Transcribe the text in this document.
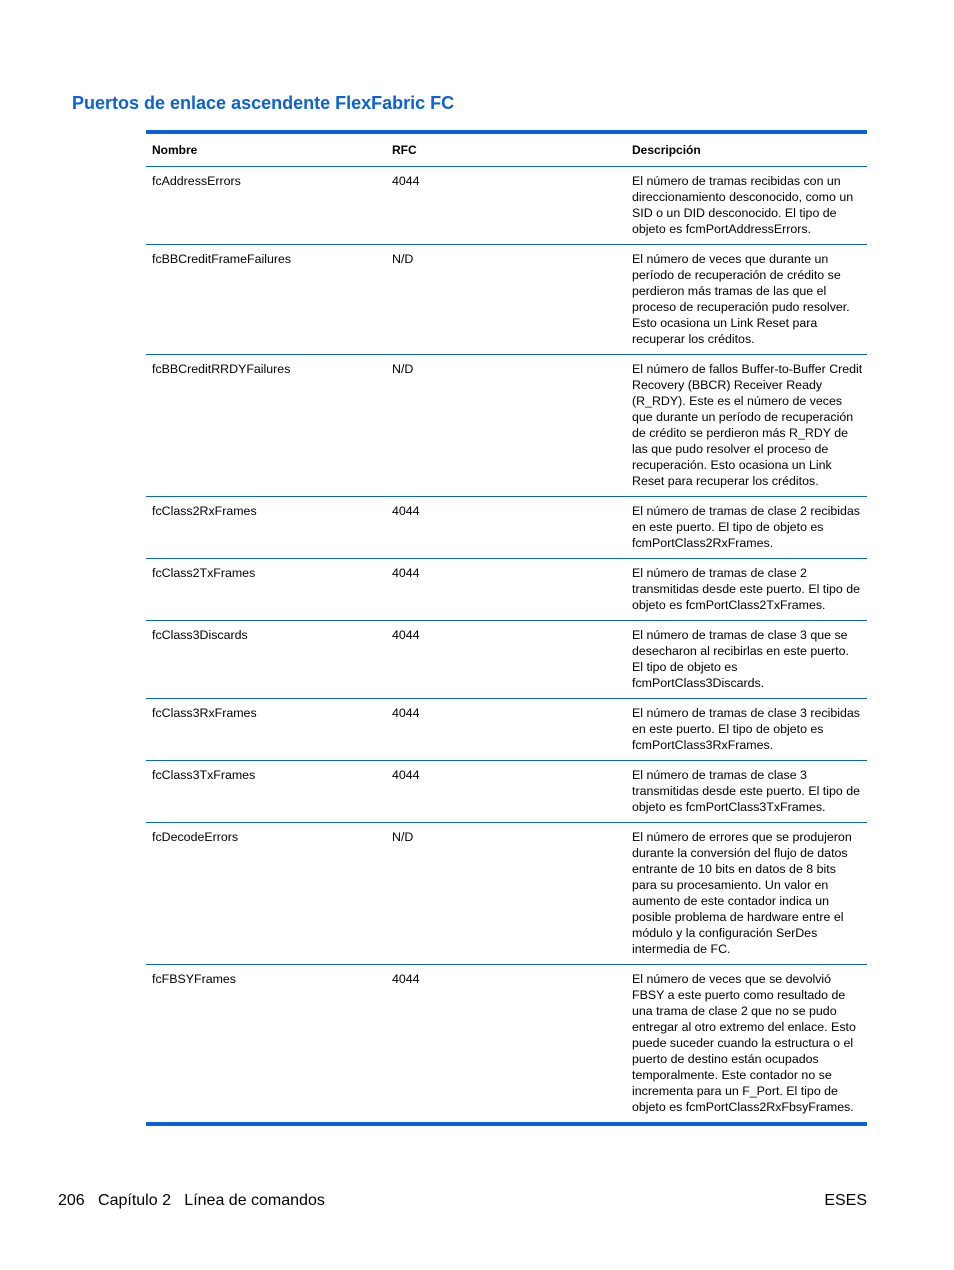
Puertos de enlace ascendente FlexFabric FC
Nombre	RFC	Descripción
fcAddressErrors	4044	El número de tramas recibidas con un direccionamiento desconocido, como un SID o un DID desconocido. El tipo de objeto es fcmPortAddressErrors.
fcBBCreditFrameFailures	N/D	El número de veces que durante un período de recuperación de crédito se perdieron más tramas de las que el proceso de recuperación pudo resolver. Esto ocasiona un Link Reset para recuperar los créditos.
fcBBCreditRRDYFailures	N/D	El número de fallos Buffer-to-Buffer Credit Recovery (BBCR) Receiver Ready (R_RDY). Este es el número de veces que durante un período de recuperación de crédito se perdieron más R_RDY de las que pudo resolver el proceso de recuperación. Esto ocasiona un Link Reset para recuperar los créditos.
fcClass2RxFrames	4044	El número de tramas de clase 2 recibidas en este puerto. El tipo de objeto es fcmPortClass2RxFrames.
fcClass2TxFrames	4044	El número de tramas de clase 2 transmitidas desde este puerto. El tipo de objeto es fcmPortClass2TxFrames.
fcClass3Discards	4044	El número de tramas de clase 3 que se desecharon al recibirlas en este puerto. El tipo de objeto es fcmPortClass3Discards.
fcClass3RxFrames	4044	El número de tramas de clase 3 recibidas en este puerto. El tipo de objeto es fcmPortClass3RxFrames.
fcClass3TxFrames	4044	El número de tramas de clase 3 transmitidas desde este puerto. El tipo de objeto es fcmPortClass3TxFrames.
fcDecodeErrors	N/D	El número de errores que se produjeron durante la conversión del flujo de datos entrante de 10 bits en datos de 8 bits para su procesamiento. Un valor en aumento de este contador indica un posible problema de hardware entre el módulo y la configuración SerDes intermedia de FC.
fcFBSYFrames	4044	El número de veces que se devolvió FBSY a este puerto como resultado de una trama de clase 2 que no se pudo entregar al otro extremo del enlace. Esto puede suceder cuando la estructura o el puerto de destino están ocupados temporalmente. Este contador no se incrementa para un F_Port. El tipo de objeto es fcmPortClass2RxFbsyFrames.
206   Capítulo 2   Línea de comandos	ESES
